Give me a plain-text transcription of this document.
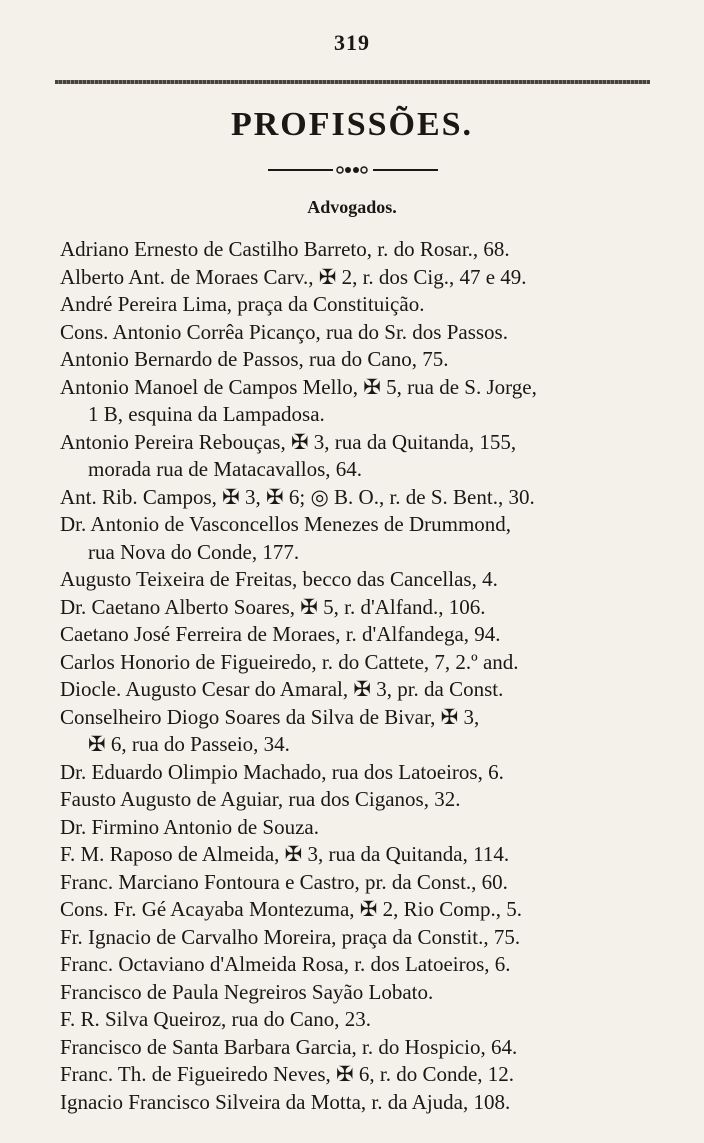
319
PROFISSÕES.
Advogados.
Adriano Ernesto de Castilho Barreto, r. do Rosar., 68.
Alberto Ant. de Moraes Carv., ✠ 2, r. dos Cig., 47 e 49.
André Pereira Lima, praça da Constituição.
Cons. Antonio Corrêa Picanço, rua do Sr. dos Passos.
Antonio Bernardo de Passos, rua do Cano, 75.
Antonio Manoel de Campos Mello, ✠ 5, rua de S. Jorge,
1 B, esquina da Lampadosa.
Antonio Pereira Rebouças, ✠ 3, rua da Quitanda, 155,
morada rua de Matacavallos, 64.
Ant. Rib. Campos, ✠ 3, ✠ 6; ◎ B. O., r. de S. Bent., 30.
Dr. Antonio de Vasconcellos Menezes de Drummond,
rua Nova do Conde, 177.
Augusto Teixeira de Freitas, becco das Cancellas, 4.
Dr. Caetano Alberto Soares, ✠ 5, r. d'Alfand., 106.
Caetano José Ferreira de Moraes, r. d'Alfandega, 94.
Carlos Honorio de Figueiredo, r. do Cattete, 7, 2.º and.
Diocle. Augusto Cesar do Amaral, ✠ 3, pr. da Const.
Conselheiro Diogo Soares da Silva de Bivar, ✠ 3,
✠ 6, rua do Passeio, 34.
Dr. Eduardo Olimpio Machado, rua dos Latoeiros, 6.
Fausto Augusto de Aguiar, rua dos Ciganos, 32.
Dr. Firmino Antonio de Souza.
F. M. Raposo de Almeida, ✠ 3, rua da Quitanda, 114.
Franc. Marciano Fontoura e Castro, pr. da Const., 60.
Cons. Fr. Gé Acayaba Montezuma, ✠ 2, Rio Comp., 5.
Fr. Ignacio de Carvalho Moreira, praça da Constit., 75.
Franc. Octaviano d'Almeida Rosa, r. dos Latoeiros, 6.
Francisco de Paula Negreiros Sayão Lobato.
F. R. Silva Queiroz, rua do Cano, 23.
Francisco de Santa Barbara Garcia, r. do Hospicio, 64.
Franc. Th. de Figueiredo Neves, ✠ 6, r. do Conde, 12.
Ignacio Francisco Silveira da Motta, r. da Ajuda, 108.
